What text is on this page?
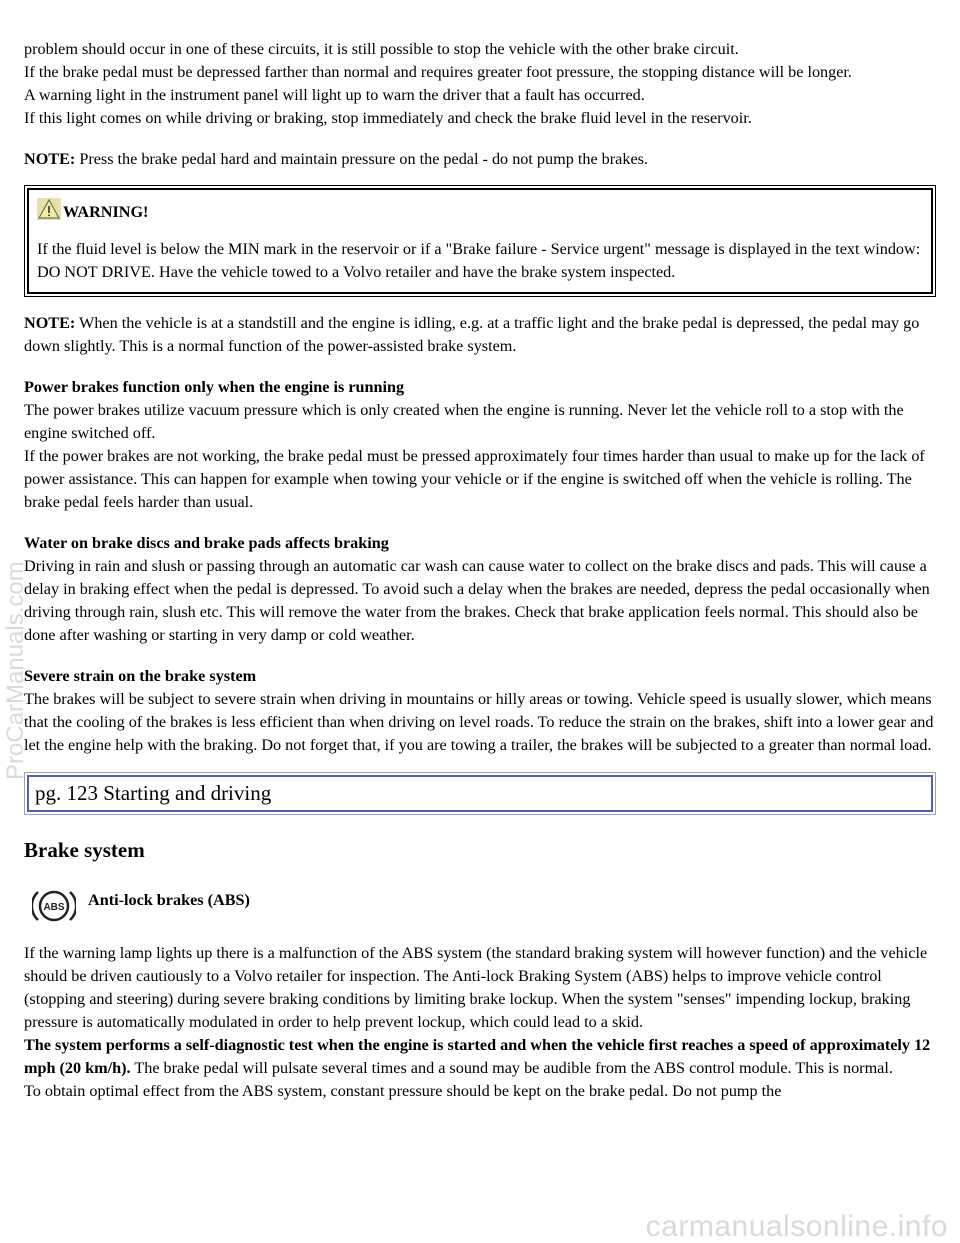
problem should occur in one of these circuits, it is still possible to stop the vehicle with the other brake circuit.

If the brake pedal must be depressed farther than normal and requires greater foot pressure, the stopping distance will be longer.

A warning light in the instrument panel will light up to warn the driver that a fault has occurred.

If this light comes on while driving or braking, stop immediately and check the brake fluid level in the reservoir.

NOTE: Press the brake pedal hard and maintain pressure on the pedal - do not pump the brakes.

WARNING!

If the fluid level is below the MIN mark in the reservoir or if a "Brake failure - Service urgent" message is displayed in the text window: DO NOT DRIVE. Have the vehicle towed to a Volvo retailer and have the brake system inspected.

NOTE: When the vehicle is at a standstill and the engine is idling, e.g. at a traffic light and the brake pedal is depressed, the pedal may go down slightly. This is a normal function of the power-assisted brake system.

Power brakes function only when the engine is running

The power brakes utilize vacuum pressure which is only created when the engine is running. Never let the vehicle roll to a stop with the engine switched off.

If the power brakes are not working, the brake pedal must be pressed approximately four times harder than usual to make up for the lack of power assistance. This can happen for example when towing your vehicle or if the engine is switched off when the vehicle is rolling. The brake pedal feels harder than usual.

Water on brake discs and brake pads affects braking

Driving in rain and slush or passing through an automatic car wash can cause water to collect on the brake discs and pads. This will cause a delay in braking effect when the pedal is depressed. To avoid such a delay when the brakes are needed, depress the pedal occasionally when driving through rain, slush etc. This will remove the water from the brakes. Check that brake application feels normal. This should also be done after washing or starting in very damp or cold weather.

Severe strain on the brake system

The brakes will be subject to severe strain when driving in mountains or hilly areas or towing. Vehicle speed is usually slower, which means that the cooling of the brakes is less efficient than when driving on level roads. To reduce the strain on the brakes, shift into a lower gear and let the engine help with the braking. Do not forget that, if you are towing a trailer, the brakes will be subjected to a greater than normal load.

pg. 123 Starting and driving
Brake system
ABS Anti-lock brakes (ABS)

If the warning lamp lights up there is a malfunction of the ABS system (the standard braking system will however function) and the vehicle should be driven cautiously to a Volvo retailer for inspection. The Anti-lock Braking System (ABS) helps to improve vehicle control (stopping and steering) during severe braking conditions by limiting brake lockup. When the system "senses" impending lockup, braking pressure is automatically modulated in order to help prevent lockup, which could lead to a skid.

The system performs a self-diagnostic test when the engine is started and when the vehicle first reaches a speed of approximately 12 mph (20 km/h). The brake pedal will pulsate several times and a sound may be audible from the ABS control module. This is normal.

To obtain optimal effect from the ABS system, constant pressure should be kept on the brake pedal. Do not pump the

ProCarManuals.com
carmanualsonline.info
